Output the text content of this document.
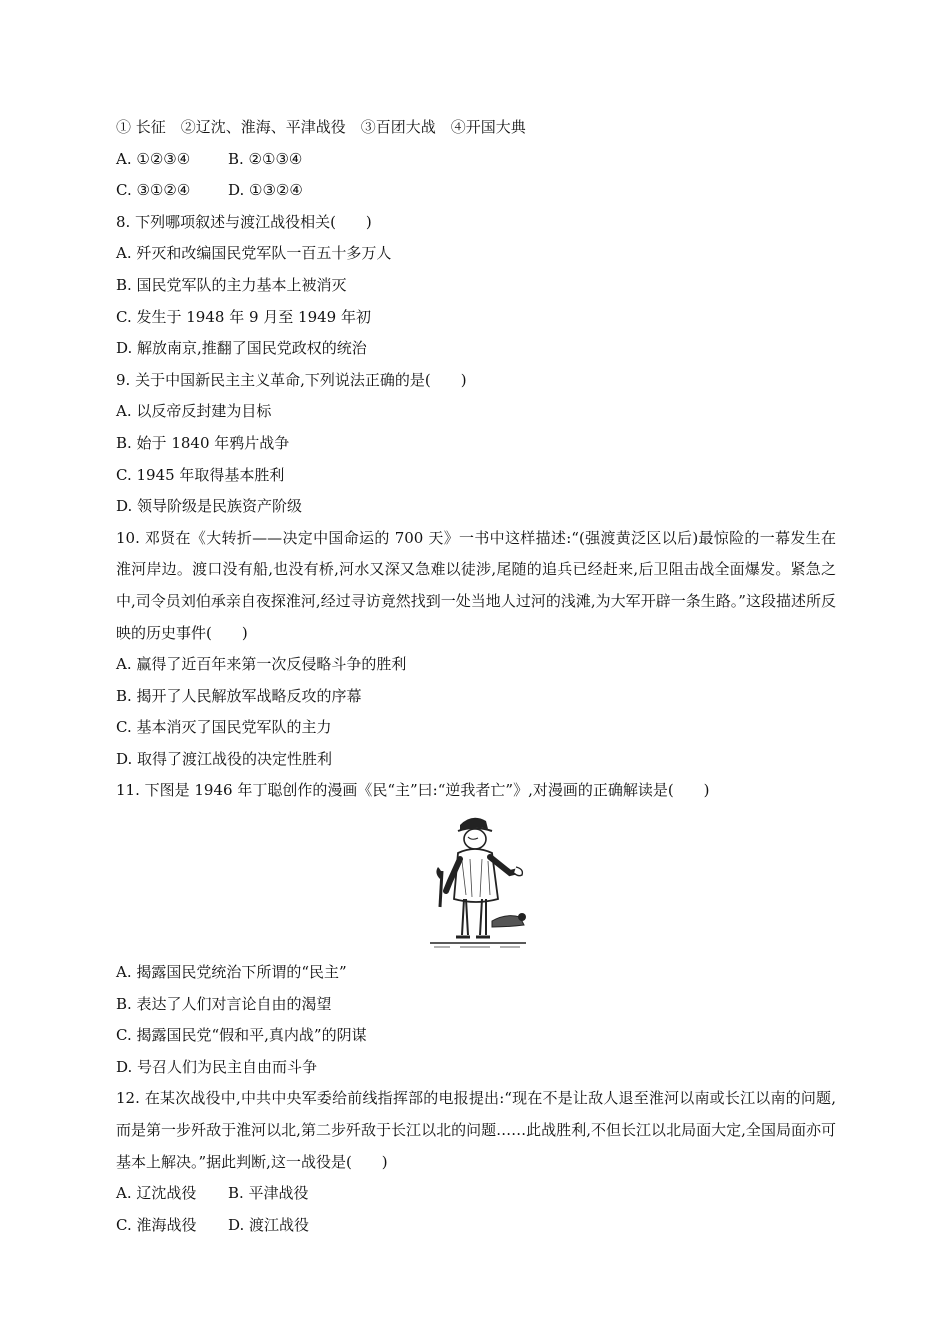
① 长征　②辽沈、淮海、平津战役　③百团大战　④开国大典
A. ①②③④	B. ②①③④
C. ③①②④	D. ①③②④
8. 下列哪项叙述与渡江战役相关(　　)
A. 歼灭和改编国民党军队一百五十多万人
B. 国民党军队的主力基本上被消灭
C. 发生于 1948 年 9 月至 1949 年初
D. 解放南京,推翻了国民党政权的统治
9. 关于中国新民主主义革命,下列说法正确的是(　　)
A. 以反帝反封建为目标
B. 始于 1840 年鸦片战争
C. 1945 年取得基本胜利
D. 领导阶级是民族资产阶级
10. 邓贤在《大转折——决定中国命运的 700 天》一书中这样描述:“(强渡黄泛区以后)最惊险的一幕发生在淮河岸边。渡口没有船,也没有桥,河水又深又急难以徒涉,尾随的追兵已经赶来,后卫阻击战全面爆发。紧急之中,司令员刘伯承亲自夜探淮河,经过寻访竟然找到一处当地人过河的浅滩,为大军开辟一条生路。”这段描述所反映的历史事件(　　)
A. 赢得了近百年来第一次反侵略斗争的胜利
B. 揭开了人民解放军战略反攻的序幕
C. 基本消灭了国民党军队的主力
D. 取得了渡江战役的决定性胜利
11. 下图是 1946 年丁聪创作的漫画《民“主”曰:“逆我者亡”》,对漫画的正确解读是(　　)
A. 揭露国民党统治下所谓的“民主”
B. 表达了人们对言论自由的渴望
C. 揭露国民党“假和平,真内战”的阴谋
D. 号召人们为民主自由而斗争
12. 在某次战役中,中共中央军委给前线指挥部的电报提出:“现在不是让敌人退至淮河以南或长江以南的问题,而是第一步歼敌于淮河以北,第二步歼敌于长江以北的问题……此战胜利,不但长江以北局面大定,全国局面亦可基本上解决。”据此判断,这一战役是(　　)
A. 辽沈战役 B. 平津战役
C. 淮海战役 D. 渡江战役
